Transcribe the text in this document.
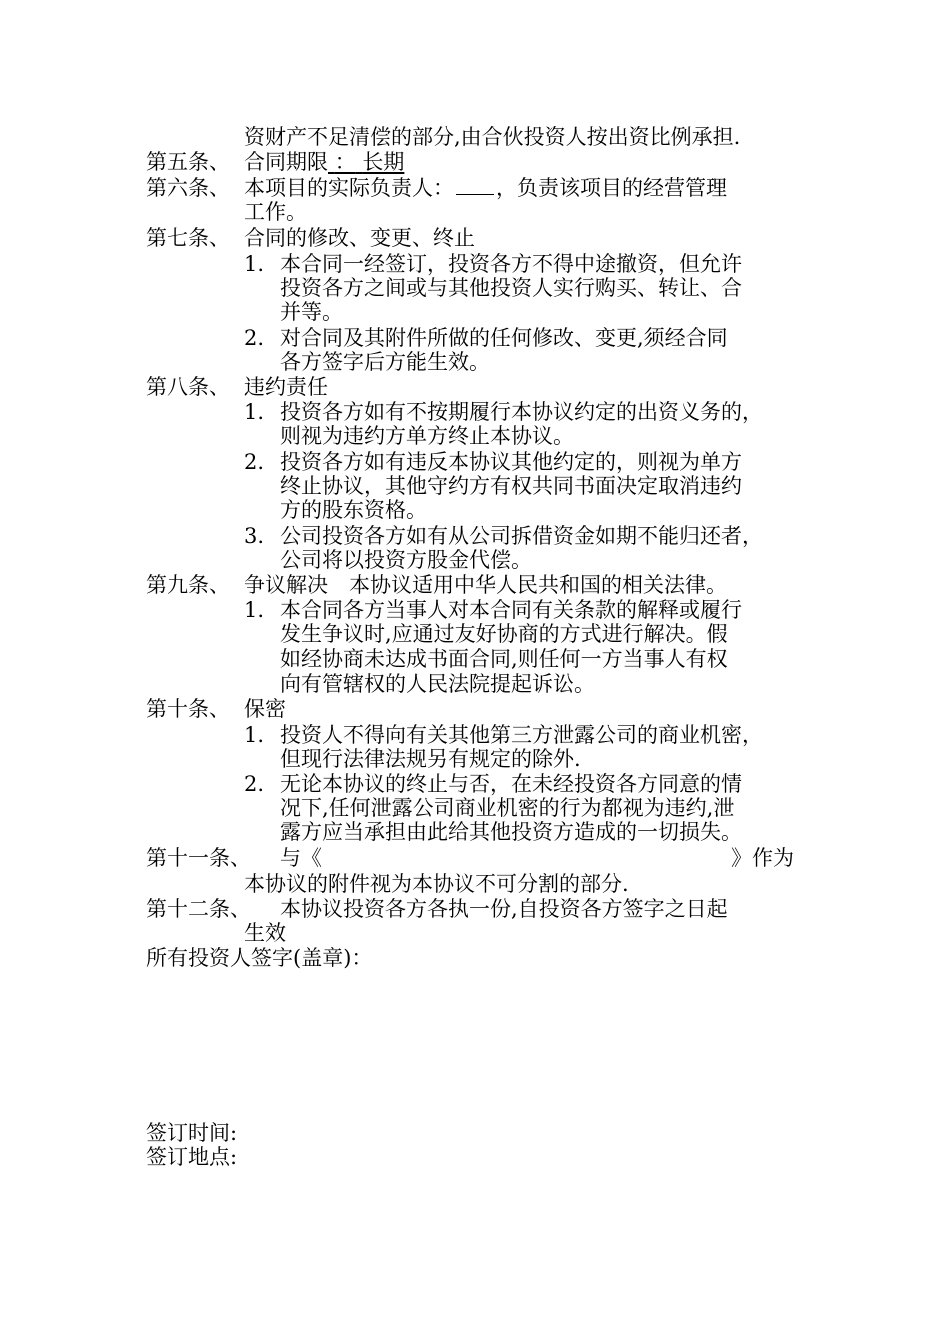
资财产不足清偿的部分,由合伙投资人按出资比例承担.
第五条、 合同期限 ： 长期
第六条、 本项目的实际负责人： ，负责该项目的经营管理
工作。
第七条、 合同的修改、变更、终止
1. 本合同一经签订，投资各方不得中途撤资，但允许
投资各方之间或与其他投资人实行购买、转让、合
并等。
2. 对合同及其附件所做的任何修改、变更,须经合同
各方签字后方能生效。
第八条、 违约责任
1. 投资各方如有不按期履行本协议约定的出资义务的，
则视为违约方单方终止本协议。
2. 投资各方如有违反本协议其他约定的，则视为单方
终止协议，其他守约方有权共同书面决定取消违约
方的股东资格。
3. 公司投资各方如有从公司拆借资金如期不能归还者，
公司将以投资方股金代偿。
第九条、 争议解决　本协议适用中华人民共和国的相关法律。
1. 本合同各方当事人对本合同有关条款的解释或履行
发生争议时,应通过友好协商的方式进行解决。假
如经协商未达成书面合同,则任何一方当事人有权
向有管辖权的人民法院提起诉讼。
第十条、 保密
1. 投资人不得向有关其他第三方泄露公司的商业机密，
但现行法律法规另有规定的除外.
2. 无论本协议的终止与否，在未经投资各方同意的情
况下,任何泄露公司商业机密的行为都视为违约,泄
露方应当承担由此给其他投资方造成的一切损失。
第十一条、 与《	》作为
本协议的附件视为本协议不可分割的部分.
第十二条、 本协议投资各方各执一份,自投资各方签字之日起
生效
所有投资人签字(盖章)：
签订时间:
签订地点:
